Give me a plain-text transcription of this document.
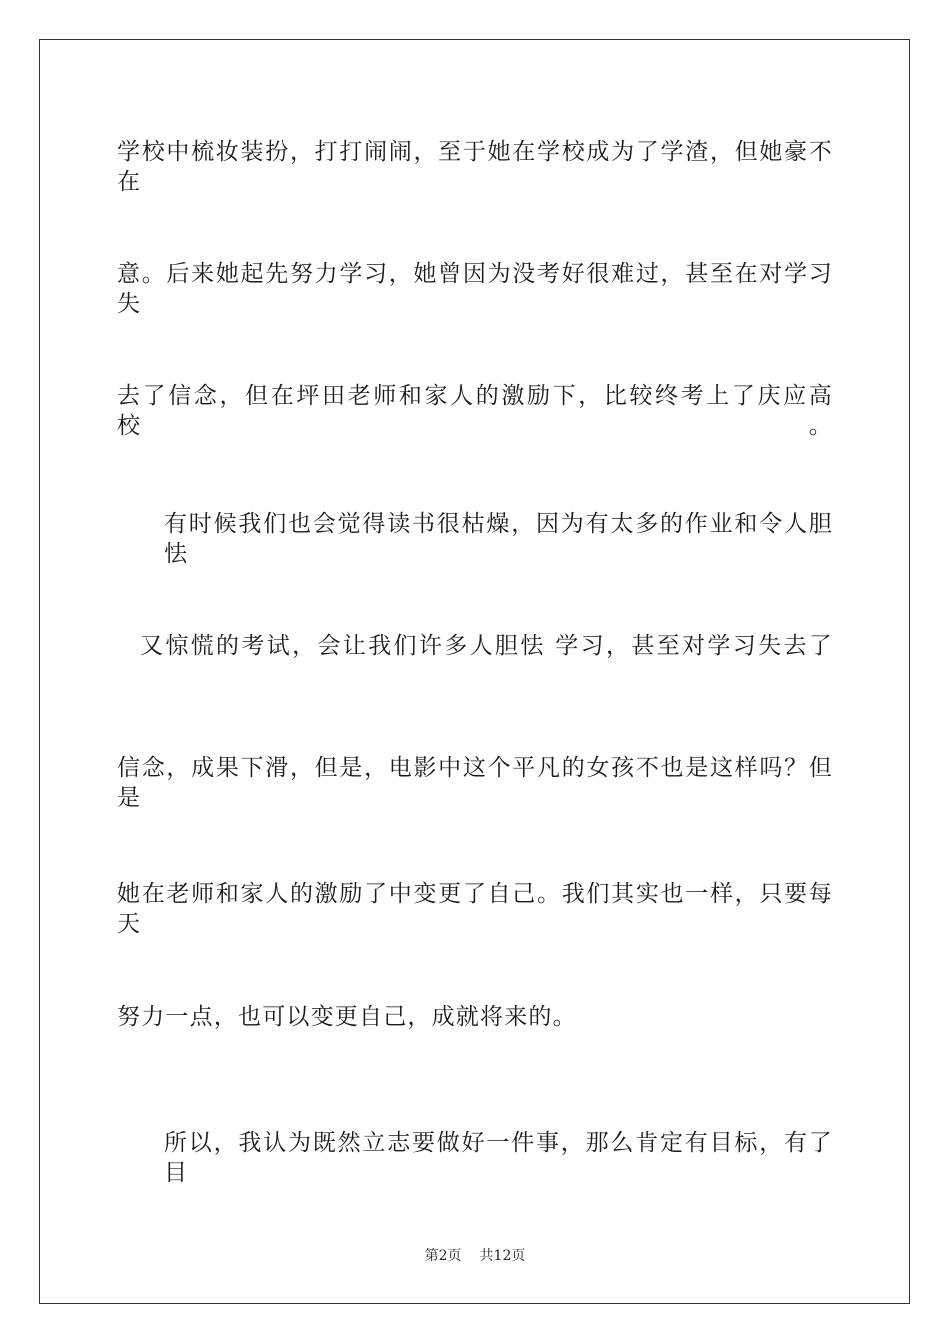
学校中梳妆装扮，打打闹闹，至于她在学校成为了学渣，但她豪不在
意。后来她起先努力学习，她曾因为没考好很难过，甚至在对学习失
去了信念，但在坪田老师和家人的激励下，比较终考上了庆应高校。
有时候我们也会觉得读书很枯燥，因为有太多的作业和令人胆怯
又惊慌的考试，会让我们许多人胆怯 学习，甚至对学习失去了
信念，成果下滑，但是，电影中这个平凡的女孩不也是这样吗？但是
她在老师和家人的激励了中变更了自己。我们其实也一样，只要每天
努力一点，也可以变更自己，成就将来的。
所以，我认为既然立志要做好一件事，那么肯定有目标，有了目
第2页 共12页
